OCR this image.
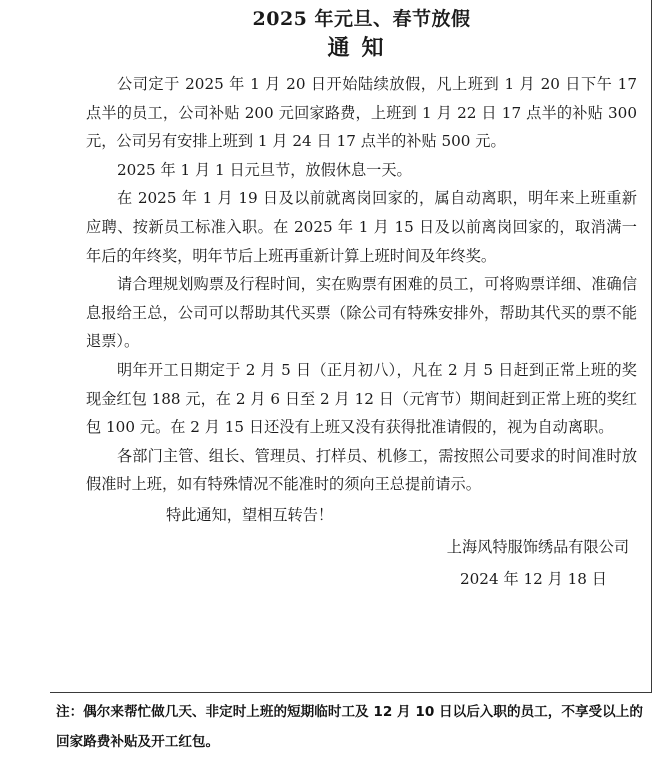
2025 年元旦、春节放假
通知

公司定于 2025 年 1 月 20 日开始陆续放假，凡上班到 1 月 20 日下午 17 点半的员工，公司补贴 200 元回家路费，上班到 1 月 22 日 17 点半的补贴 300 元，公司另有安排上班到 1 月 24 日 17 点半的补贴 500 元。

2025 年 1 月 1 日元旦节，放假休息一天。

在 2025 年 1 月 19 日及以前就离岗回家的，属自动离职，明年来上班重新应聘、按新员工标准入职。在 2025 年 1 月 15 日及以前离岗回家的，取消满一年后的年终奖，明年节后上班再重新计算上班时间及年终奖。

请合理规划购票及行程时间，实在购票有困难的员工，可将购票详细、准确信息报给王总，公司可以帮助其代买票（除公司有特殊安排外，帮助其代买的票不能退票）。

明年开工日期定于 2 月 5 日（正月初八），凡在 2 月 5 日赶到正常上班的奖现金红包 188 元，在 2 月 6 日至 2 月 12 日（元宵节）期间赶到正常上班的奖红包 100 元。在 2 月 15 日还没有上班又没有获得批准请假的，视为自动离职。

各部门主管、组长、管理员、打样员、机修工，需按照公司要求的时间准时放假准时上班，如有特殊情况不能准时的须向王总提前请示。

特此通知，望相互转告！

上海风特服饰绣品有限公司

2024 年 12 月 18 日

注：偶尔来帮忙做几天、非定时上班的短期临时工及 12 月 10 日以后入职的员工，不享受以上的回家路费补贴及开工红包。
